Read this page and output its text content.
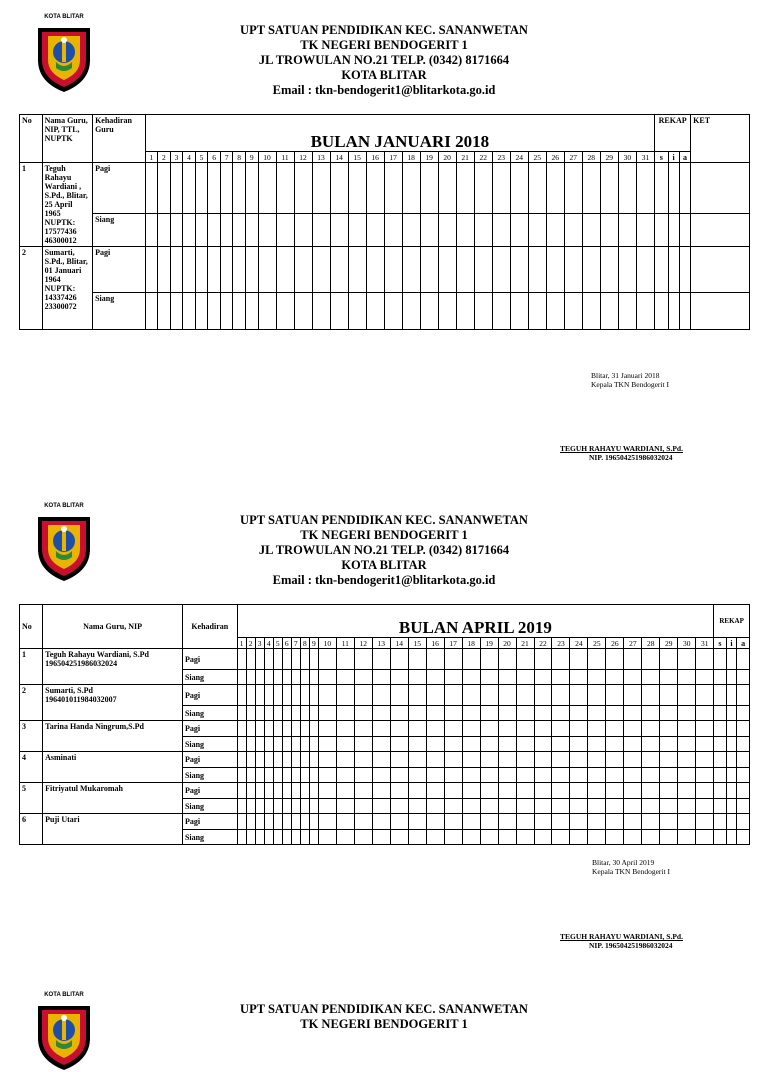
KOTA BLITAR
UPT SATUAN PENDIDIKAN KEC. SANANWETAN
TK NEGERI BENDOGERIT 1
JL TROWULAN NO.21 TELP. (0342) 8171664
KOTA BLITAR
Email : tkn-bendogerit1@blitarkota.go.id
No	Nama Guru, NIP, TTL, NUPTK	Kehadiran Guru	BULAN JANUARI 2018																															REKAP			KET
			1	2	3	4	5	6	7	8	9	10	11	12	13	14	15	16	17	18	19	20	21	22	23	24	25	26	27	28	29	30	31	s	i	a	
1	Teguh Rahayu Wardiani , S.Pd., Blitar, 25 April 1965
NUPTK: 17577436 46300012	Pagi																																			
		Siang																																			
2	Sumarti, S.Pd., Blitar, 01 Januari 1964
NUPTK: 14337426 23300072	Pagi																																			
		Siang																																			
Blitar, 31 Januari 2018
Kepala TKN Bendogerit I
TEGUH RAHAYU WARDIANI, S.Pd.
NIP. 196504251986032024
KOTA BLITAR
UPT SATUAN PENDIDIKAN KEC. SANANWETAN
TK NEGERI BENDOGERIT 1
JL TROWULAN NO.21 TELP. (0342) 8171664
KOTA BLITAR
Email : tkn-bendogerit1@blitarkota.go.id
No	Nama Guru, NIP	Kehadiran	BULAN APRIL 2019																															REKAP		
			1	2	3	4	5	6	7	8	9	10	11	12	13	14	15	16	17	18	19	20	21	22	23	24	25	26	27	28	29	30	31	s	i	a
1	Teguh Rahayu Wardiani, S.Pd
196504251986032024	Pagi																																		
		Siang																																		
2	Sumarti, S.Pd
196401011984032007	Pagi																																		
		Siang																																		
3	Tarina Handa Ningrum,S.Pd	Pagi																																		
		Siang																																		
4	Asminati	Pagi																																		
		Siang																																		
5	Fitriyatul Mukaromah	Pagi																																		
		Siang																																		
6	Puji Utari	Pagi																																		
		Siang																																		
Blitar, 30 April 2019
Kepala TKN Bendogerit I
TEGUH RAHAYU WARDIANI, S.Pd.
NIP. 196504251986032024
KOTA BLITAR
UPT SATUAN PENDIDIKAN KEC. SANANWETAN
TK NEGERI BENDOGERIT 1
